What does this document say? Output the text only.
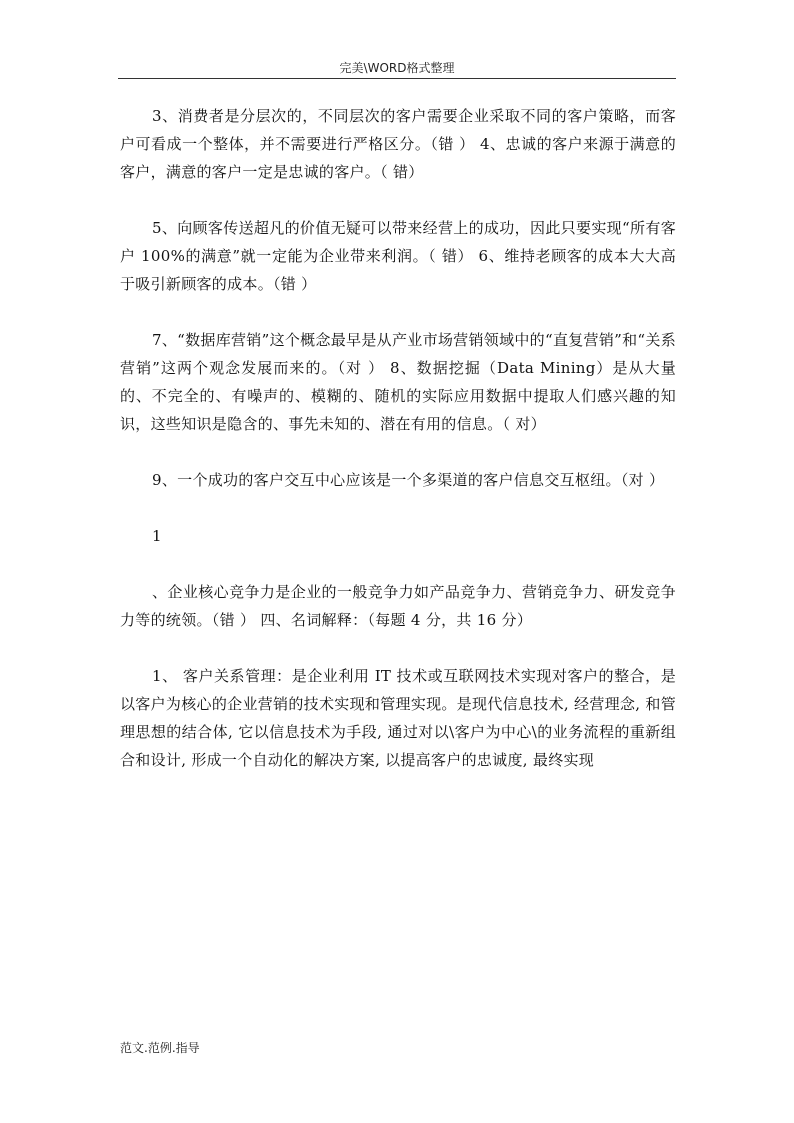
完美\WORD格式整理

3、消费者是分层次的，不同层次的客户需要企业采取不同的客户策略，而客户可看成一个整体，并不需要进行严格区分。（错 ） 4、忠诚的客户来源于满意的客户，满意的客户一定是忠诚的客户。（ 错）

5、向顾客传送超凡的价值无疑可以带来经营上的成功，因此只要实现“所有客户 100%的满意”就一定能为企业带来利润。（ 错） 6、维持老顾客的成本大大高于吸引新顾客的成本。（错 ）

7、“数据库营销”这个概念最早是从产业市场营销领域中的“直复营销”和“关系营销”这两个观念发展而来的。（对 ） 8、数据挖掘（Data Mining）是从大量的、不完全的、有噪声的、模糊的、随机的实际应用数据中提取人们感兴趣的知识，这些知识是隐含的、事先未知的、潜在有用的信息。（ 对）

9、一个成功的客户交互中心应该是一个多渠道的客户信息交互枢纽。（对 ）

1

、企业核心竞争力是企业的一般竞争力如产品竞争力、营销竞争力、研发竞争力等的统领。（错 ） 四、名词解释：（每题 4 分，共 16 分）

1、 客户关系管理：是企业利用 IT 技术或互联网技术实现对客户的整合，是以客户为核心的企业营销的技术实现和管理实现。是现代信息技术, 经营理念, 和管理思想的结合体, 它以信息技术为手段, 通过对以\客户为中心\的业务流程的重新组合和设计, 形成一个自动化的解决方案, 以提高客户的忠诚度, 最终实现

范文.范例.指导
